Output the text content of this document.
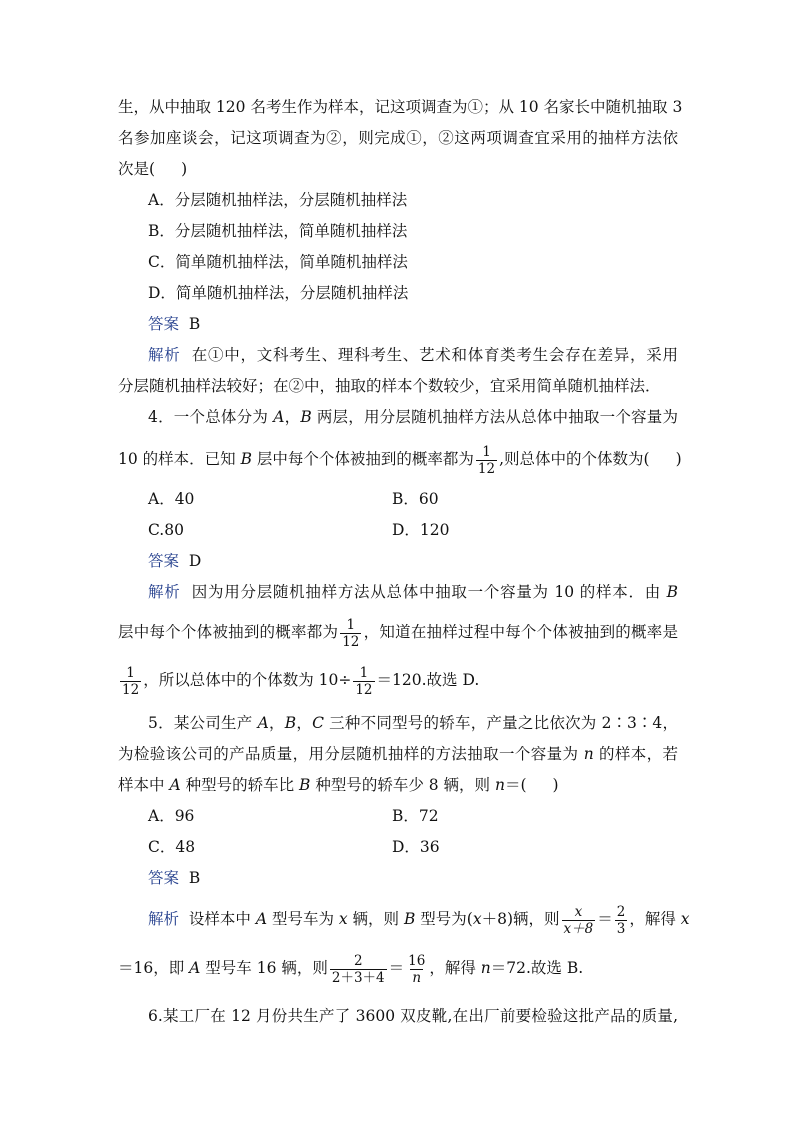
生，从中抽取 120 名考生作为样本，记这项调查为①；从 10 名家长中随机抽取 3
名参加座谈会，记这项调查为②，则完成①，②这两项调查宜采用的抽样方法依
次是( )
A．分层随机抽样法，分层随机抽样法
B．分层随机抽样法，简单随机抽样法
C．简单随机抽样法，简单随机抽样法
D．简单随机抽样法，分层随机抽样法
答案 B
解析 在①中，文科考生、理科考生、艺术和体育类考生会存在差异，采用
分层随机抽样法较好；在②中，抽取的样本个数较少，宜采用简单随机抽样法．
4．一个总体分为 A，B 两层，用分层随机抽样方法从总体中抽取一个容量为
10 的样本．已知 B 层中每个个体被抽到的概率都为 $\frac{1}{12}$ ,则总体中的个体数为( )
A．40	B．60
C.80	D．120
答案 D
解析 因为用分层随机抽样方法从总体中抽取一个容量为 10 的样本．由 B
层中每个个体被抽到的概率都为 $\frac{1}{12}$ ，知道在抽样过程中每个个体被抽到的概率是
$\frac{1}{12}$ ，所以总体中的个体数为 $10\div \frac{1}{12} =120$.故选 D.
5．某公司生产 A，B，C 三种不同型号的轿车，产量之比依次为 2∶3∶4，
为检验该公司的产品质量，用分层随机抽样的方法抽取一个容量为 n 的样本，若
样本中 A 种型号的轿车比 B 种型号的轿车少 8 辆，则 n＝( )
A．96	B．72
C．48	D．36
答案 B
解析 设样本中 A 型号车为 x 辆，则 B 型号为(x＋8)辆，则 $\frac{x}{x+8} = \frac{2}{3}$ ，解得 x
＝16，即 A 型号车 16 辆，则 $\frac{2}{2+3+4} = \frac{16}{n}$ ，解得 n＝72.故选 B.
6.某工厂在 12 月份共生产了 3600 双皮靴,在出厂前要检验这批产品的质量,
